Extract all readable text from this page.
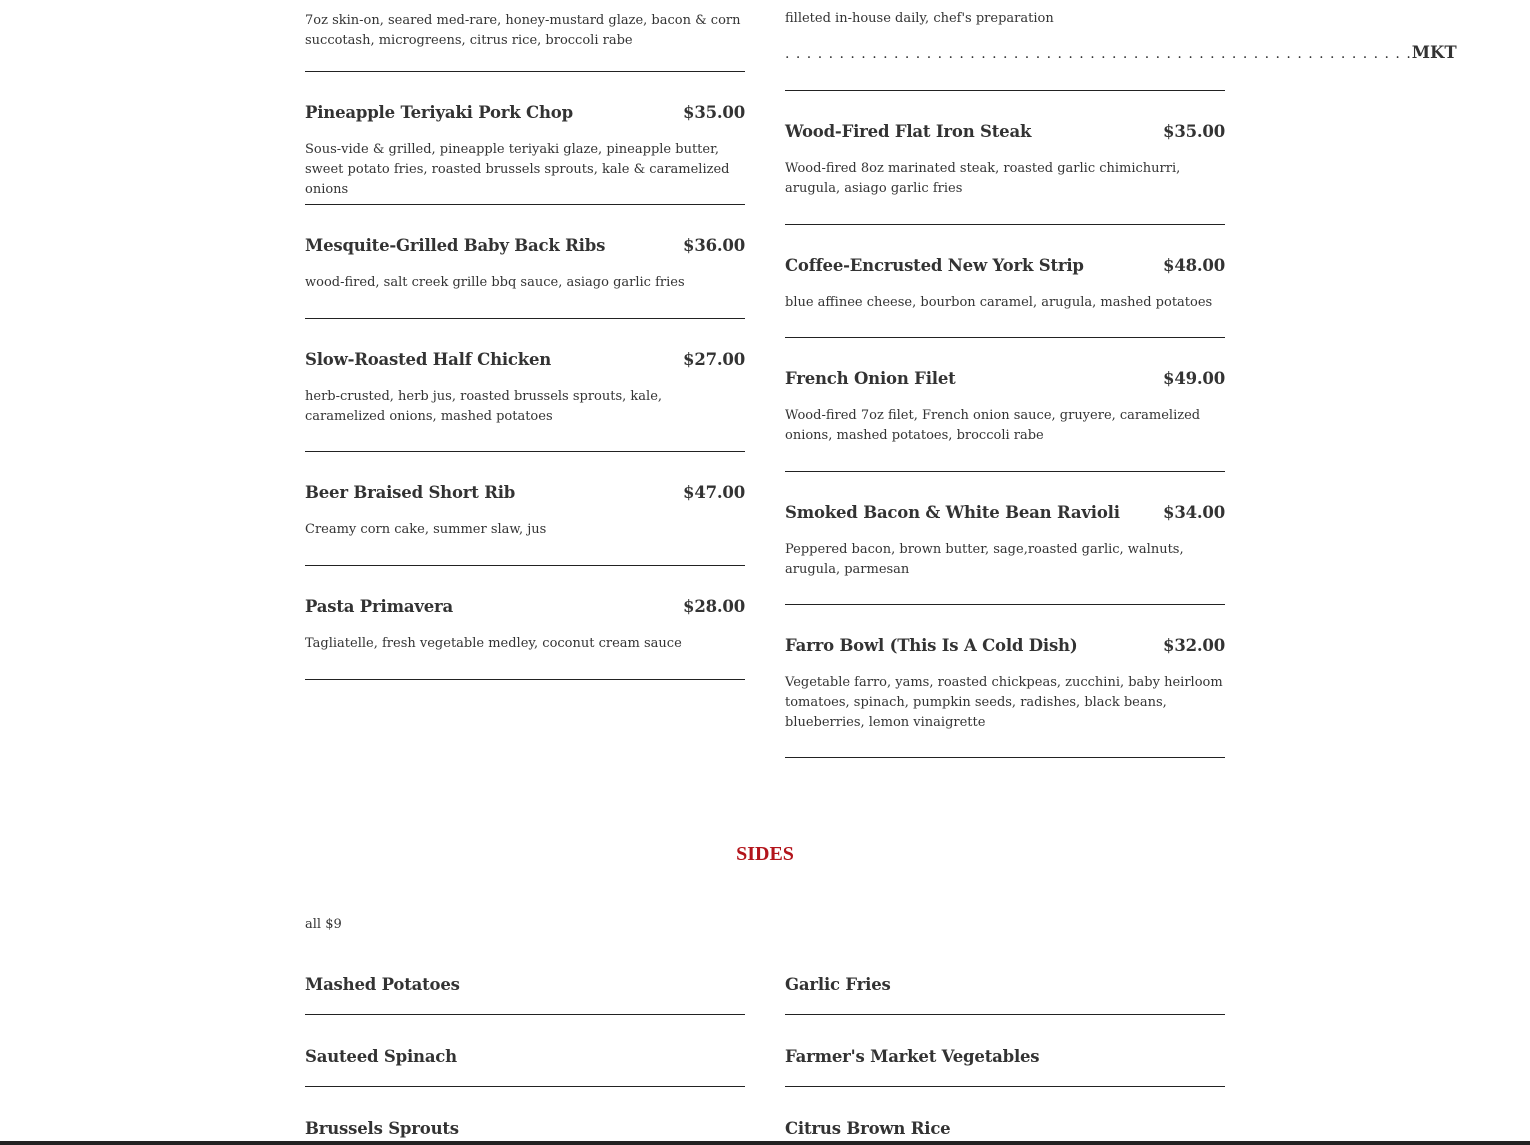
7oz skin-on, seared med-rare, honey-mustard glaze, bacon & corn succotash, microgreens, citrus rice, broccoli rabe
Pineapple Teriyaki Pork Chop	$35.00
Sous-vide & grilled, pineapple teriyaki glaze, pineapple butter, sweet potato fries, roasted brussels sprouts, kale & caramelized onions
Mesquite-Grilled Baby Back Ribs	$36.00
wood-fired, salt creek grille bbq sauce, asiago garlic fries
Slow-Roasted Half Chicken	$27.00
herb-crusted, herb jus, roasted brussels sprouts, kale, caramelized onions, mashed potatoes
Beer Braised Short Rib	$47.00
Creamy corn cake, summer slaw, jus
Pasta Primavera	$28.00
Tagliatelle, fresh vegetable medley, coconut cream sauce
filleted in-house daily, chef's preparation
. . . . . . . . . . . . . . . . . . . . . . . . . . . . . . . . . . . . . . . . . . . . . . . . . . . . . . . . . . MKT
Wood-Fired Flat Iron Steak	$35.00
Wood-fired 8oz marinated steak, roasted garlic chimichurri, arugula, asiago garlic fries
Coffee-Encrusted New York Strip	$48.00
blue affinee cheese, bourbon caramel, arugula, mashed potatoes
French Onion Filet	$49.00
Wood-fired 7oz filet, French onion sauce, gruyere, caramelized onions, mashed potatoes, broccoli rabe
Smoked Bacon & White Bean Ravioli	$34.00
Peppered bacon, brown butter, sage,roasted garlic, walnuts, arugula, parmesan
Farro Bowl (This Is A Cold Dish)	$32.00
Vegetable farro, yams, roasted chickpeas, zucchini, baby heirloom tomatoes, spinach, pumpkin seeds, radishes, black beans, blueberries, lemon vinaigrette
SIDES
all $9
Mashed Potatoes	Garlic Fries
Sauteed Spinach	Farmer's Market Vegetables
Brussels Sprouts	Citrus Brown Rice
